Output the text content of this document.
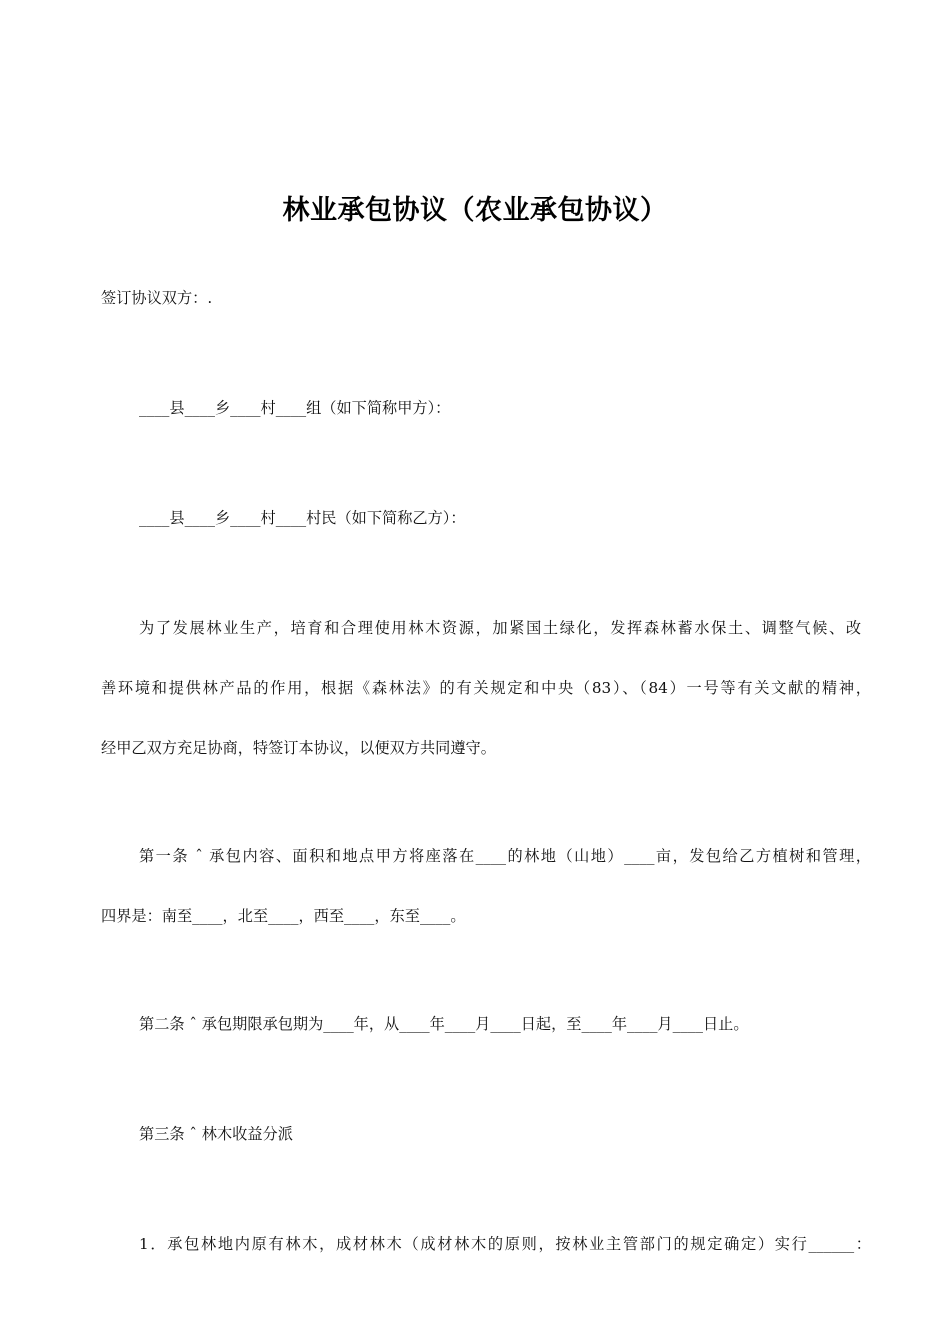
林业承包协议（农业承包协议）
签订协议双方：.
____县____乡____村____组（如下简称甲方）：
____县____乡____村____村民（如下简称乙方）：
为了发展林业生产，培育和合理使用林木资源，加紧国土绿化，发挥森林蓄水保土、调整气候、改
善环境和提供林产品的作用，根据《森林法》的有关规定和中央（83）、（84）一号等有关文献的精神，
经甲乙双方充足协商，特签订本协议，以便双方共同遵守。
第一条 ˆ 承包内容、面积和地点甲方将座落在____的林地（山地）____亩，发包给乙方植树和管理，
四界是：南至____，北至____，西至____，东至____。
第二条 ˆ 承包期限承包期为____年，从____年____月____日起，至____年____月____日止。
第三条 ˆ 林木收益分派
1．承包林地内原有林木，成材林木（成材林木的原则，按林业主管部门的规定确定）实行______：
